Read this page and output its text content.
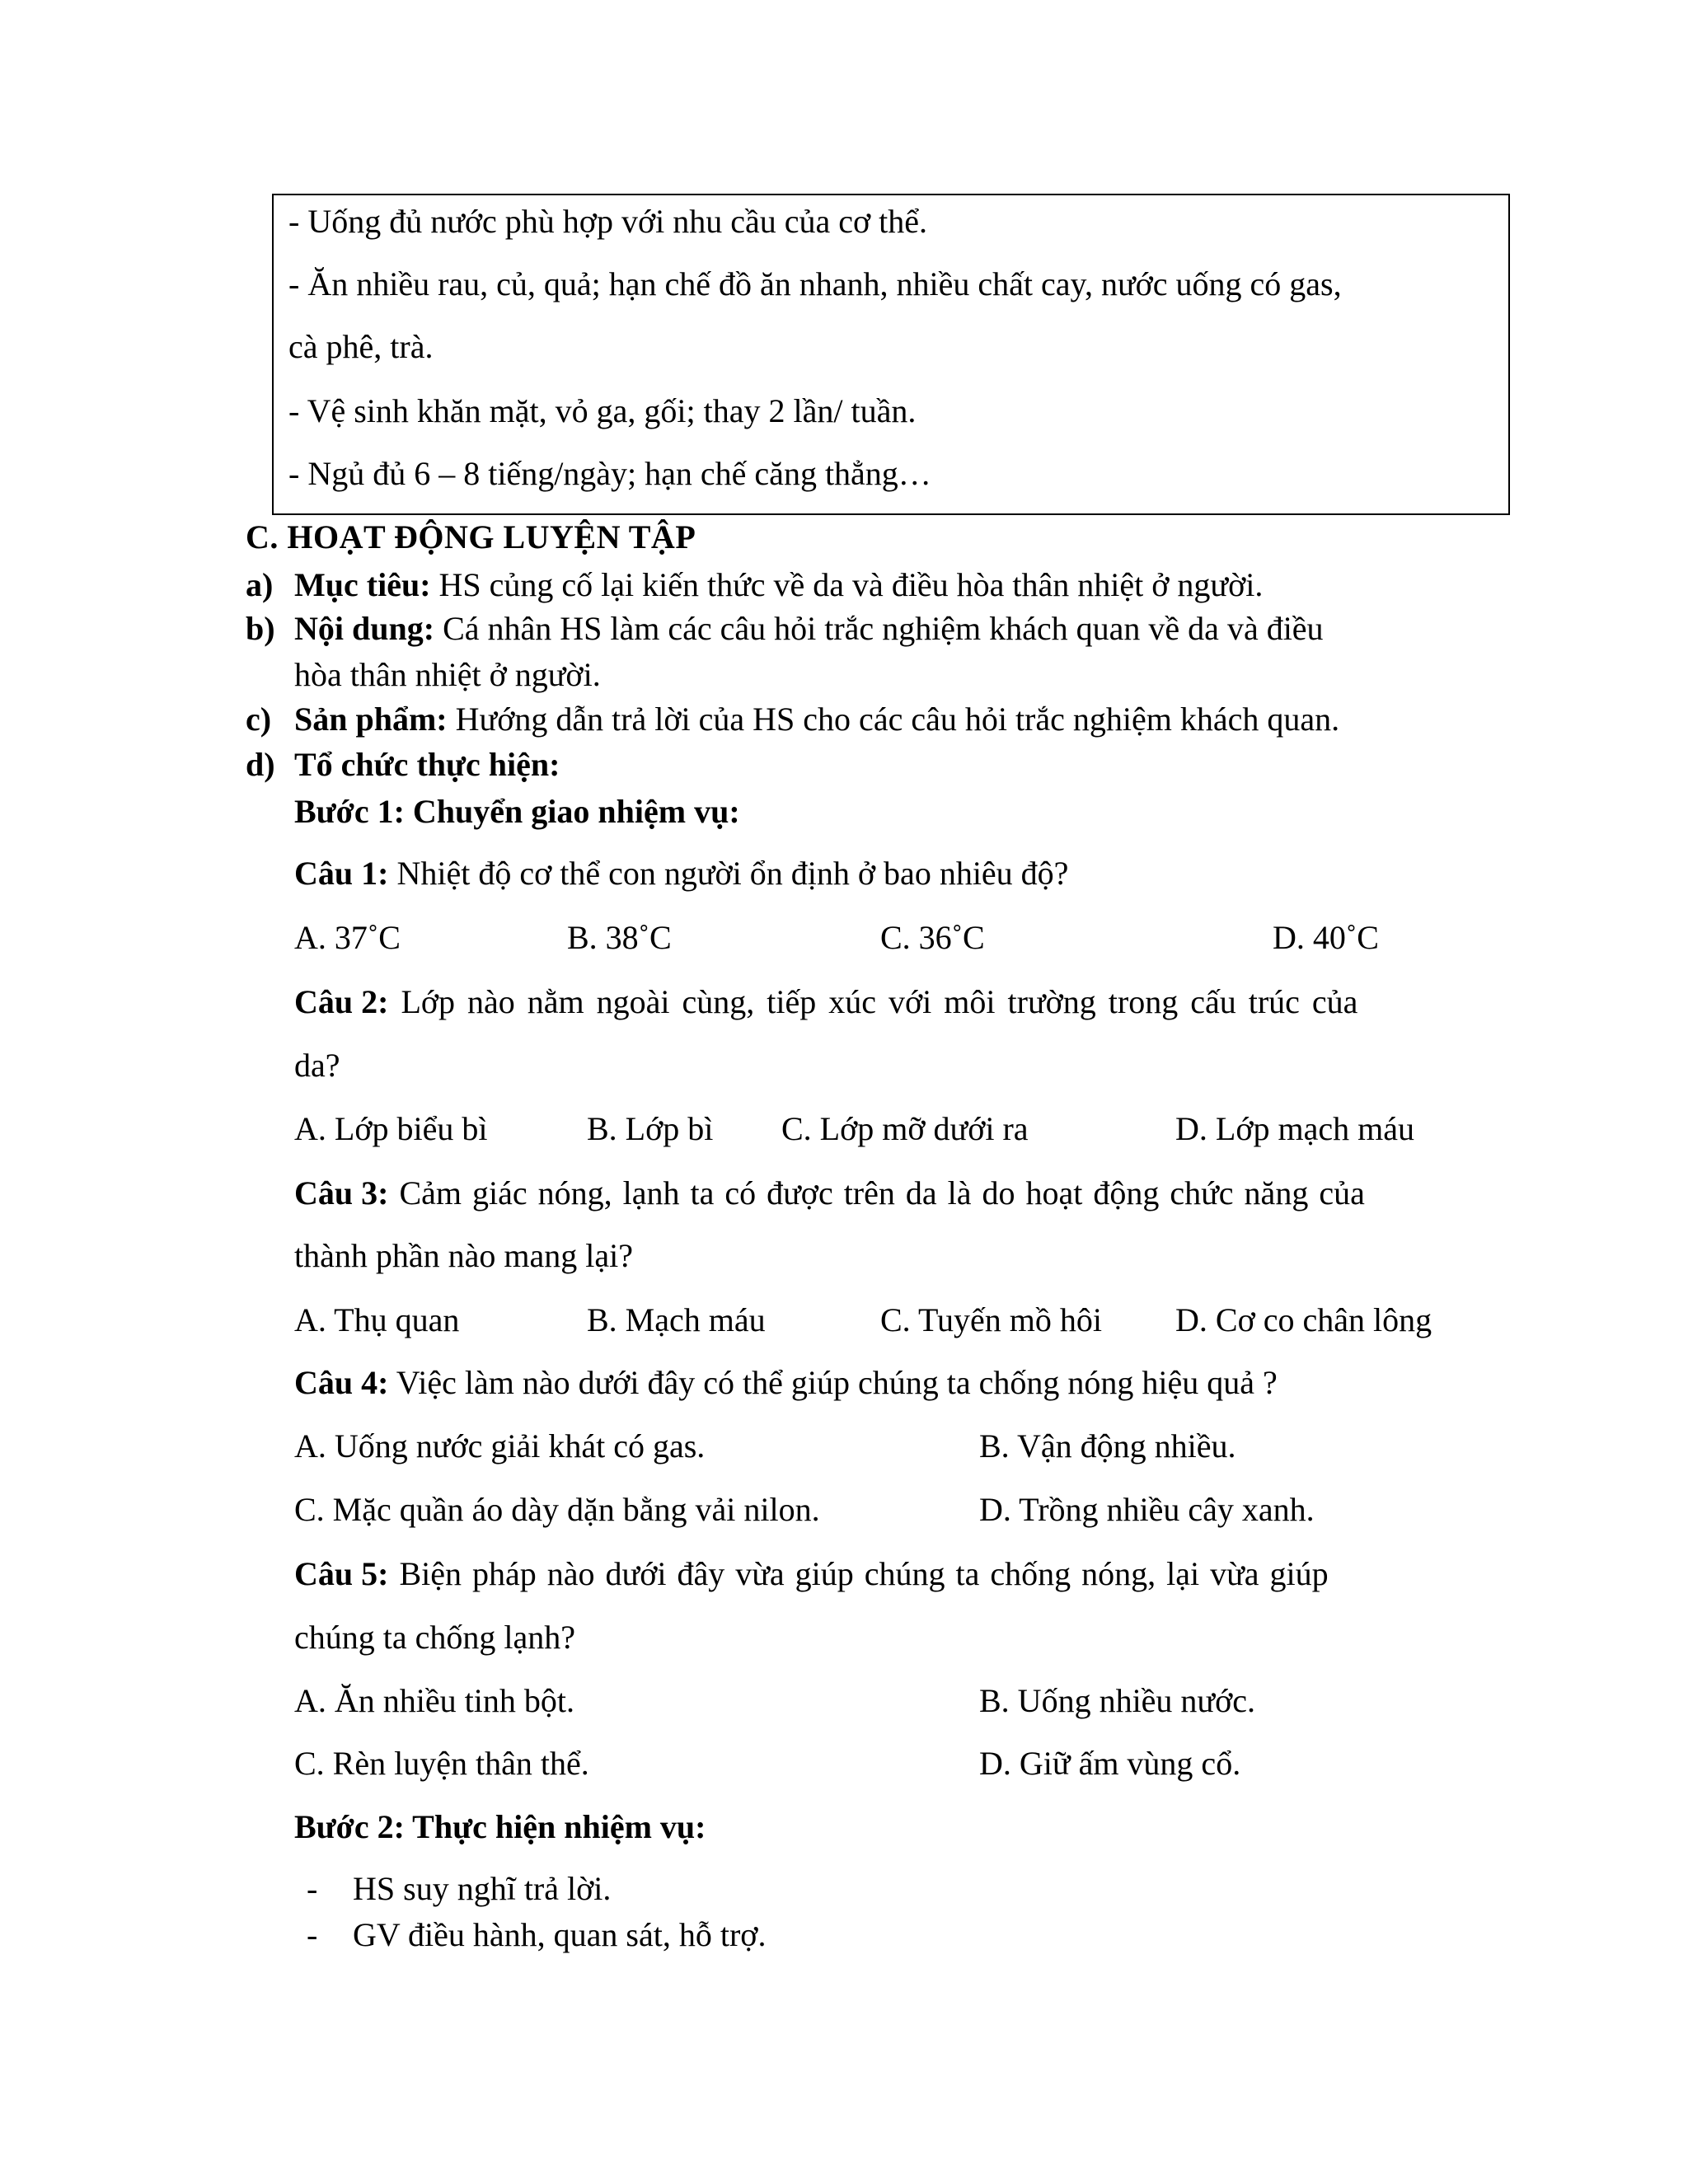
- Uống đủ nước phù hợp với nhu cầu của cơ thể.
- Ăn nhiều rau, củ, quả; hạn chế đồ ăn nhanh, nhiều chất cay, nước uống có gas,
cà phê, trà.
- Vệ sinh khăn mặt, vỏ ga, gối; thay 2 lần/ tuần.
- Ngủ đủ 6 – 8 tiếng/ngày; hạn chế căng thẳng…
C. HOẠT ĐỘNG LUYỆN TẬP
a) Mục tiêu: HS củng cố lại kiến thức về da và điều hòa thân nhiệt ở người.
b) Nội dung: Cá nhân HS làm các câu hỏi trắc nghiệm khách quan về da và điều
hòa thân nhiệt ở người.
c) Sản phẩm: Hướng dẫn trả lời của HS cho các câu hỏi trắc nghiệm khách quan.
d) Tổ chức thực hiện:
Bước 1: Chuyển giao nhiệm vụ:
Câu 1: Nhiệt độ cơ thể con người ổn định ở bao nhiêu độ?
A. 37˚C	B. 38˚C	C. 36˚C	D. 40˚C
Câu 2: Lớp nào nằm ngoài cùng, tiếp xúc với môi trường trong cấu trúc của
da?
A. Lớp biểu bì	B. Lớp bì C. Lớp mỡ dưới ra	D. Lớp mạch máu
Câu 3: Cảm giác nóng, lạnh ta có được trên da là do hoạt động chức năng của
thành phần nào mang lại?
A. Thụ quan	B. Mạch máu	C. Tuyến mồ hôi D. Cơ co chân lông
Câu 4: Việc làm nào dưới đây có thể giúp chúng ta chống nóng hiệu quả ?
A. Uống nước giải khát có gas.	B. Vận động nhiều.
C. Mặc quần áo dày dặn bằng vải nilon.	D. Trồng nhiều cây xanh.
Câu 5: Biện pháp nào dưới đây vừa giúp chúng ta chống nóng, lại vừa giúp
chúng ta chống lạnh?
A. Ăn nhiều tinh bột.	B. Uống nhiều nước.
C. Rèn luyện thân thể.	D. Giữ ấm vùng cổ.
Bước 2: Thực hiện nhiệm vụ:
- HS suy nghĩ trả lời.
- GV điều hành, quan sát, hỗ trợ.
